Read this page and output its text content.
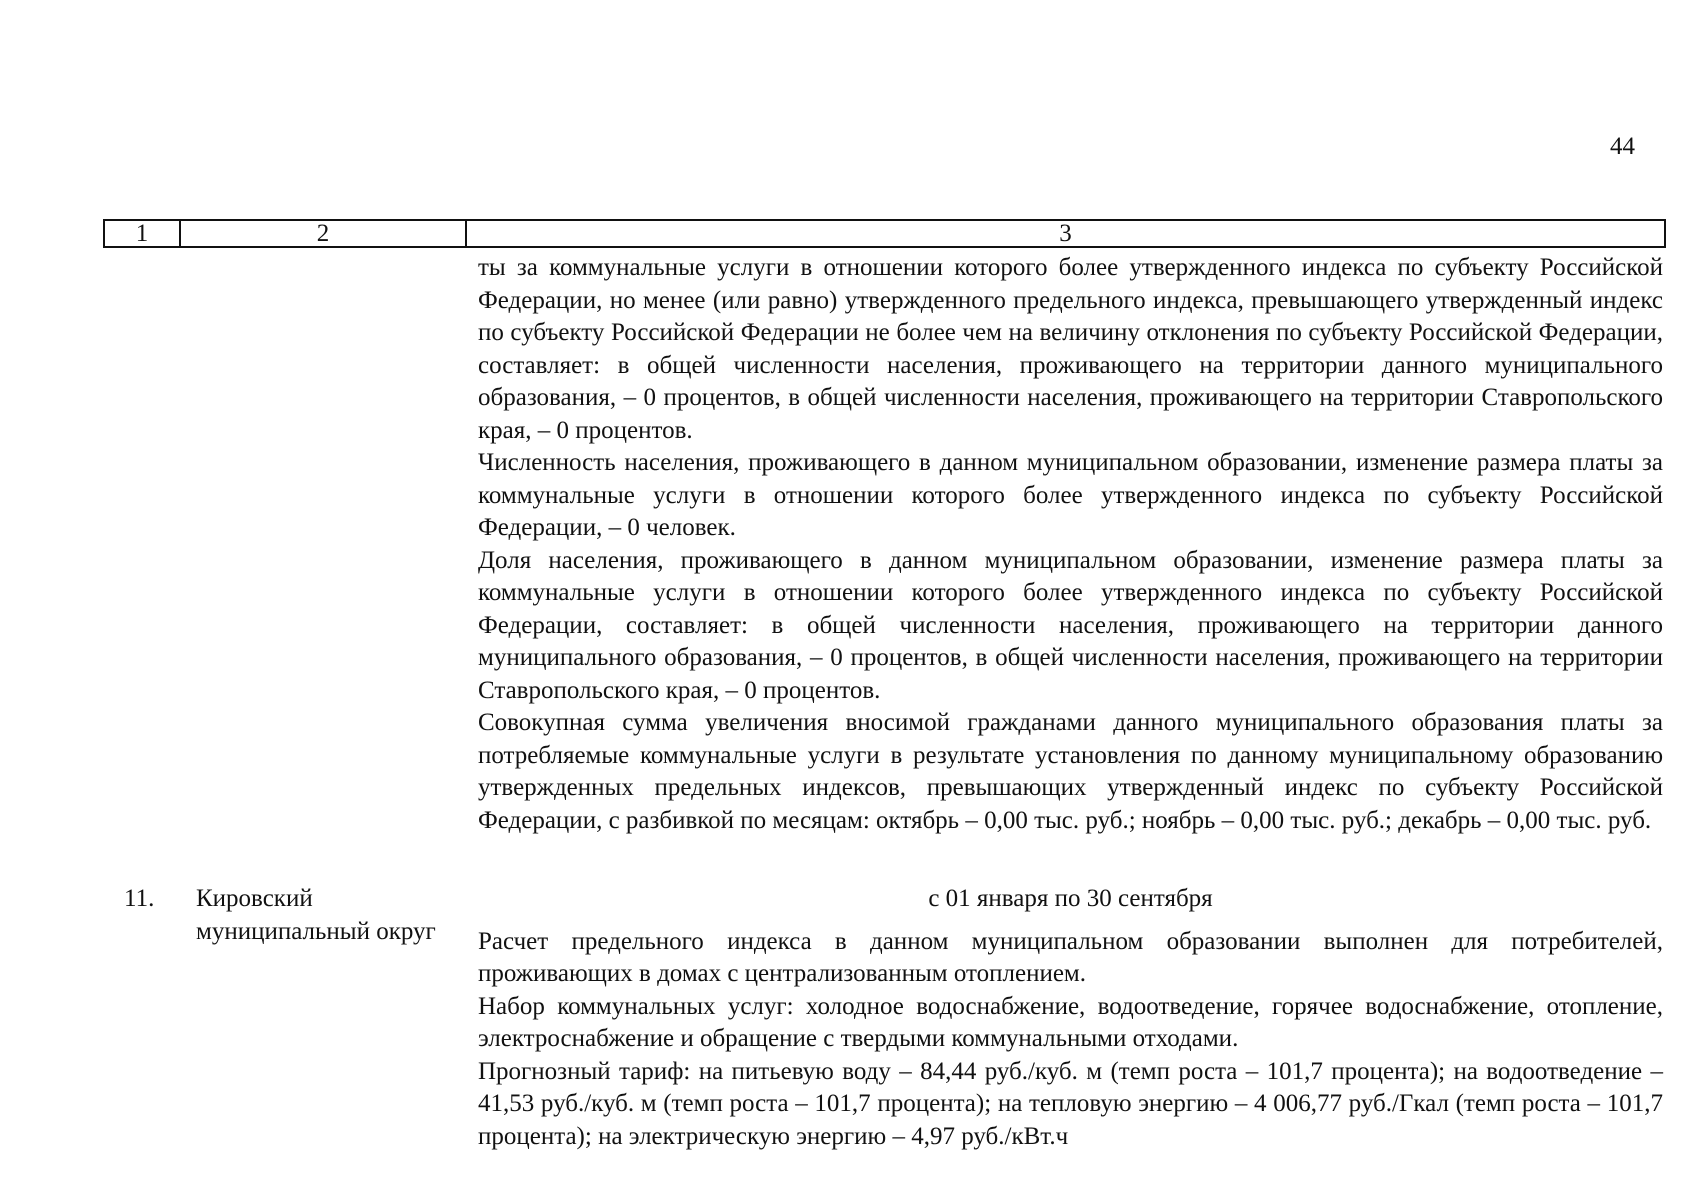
44
1	2	3

ты за коммунальные услуги в отношении которого более утвержденного индекса по субъекту Российской Федерации, но менее (или равно) утвержденного предельного индекса, превышающего утвержденный индекс по субъекту Российской Федерации не более чем на величину отклонения по субъекту Российской Федерации, составляет: в общей численности населения, проживающего на территории данного муниципального образования, – 0 процентов, в общей численности населения, проживающего на территории Ставропольского края, – 0 процентов.

Численность населения, проживающего в данном муниципальном образовании, изменение размера платы за коммунальные услуги в отношении которого более утвержденного индекса по субъекту Российской Федерации, – 0 человек.

Доля населения, проживающего в данном муниципальном образовании, изменение размера платы за коммунальные услуги в отношении которого более утвержденного индекса по субъекту Российской Федерации, составляет: в общей численности населения, проживающего на территории данного муниципального образования, – 0 процентов, в общей численности населения, проживающего на территории Ставропольского края, – 0 процентов.

Совокупная сумма увеличения вносимой гражданами данного муниципального образования платы за потребляемые коммунальные услуги в результате установления по данному муниципальному образованию утвержденных предельных индексов, превышающих утвержденный индекс по субъекту Российской Федерации, с разбивкой по месяцам: октябрь – 0,00 тыс. руб.; ноябрь – 0,00 тыс. руб.; декабрь – 0,00 тыс. руб.

11. Кировский муниципальный округ

с 01 января по 30 сентября

Расчет предельного индекса в данном муниципальном образовании выполнен для потребителей, проживающих в домах с централизованным отоплением.

Набор коммунальных услуг: холодное водоснабжение, водоотведение, горячее водоснабжение, отопление, электроснабжение и обращение с твердыми коммунальными отходами.

Прогнозный тариф: на питьевую воду – 84,44 руб./куб. м (темп роста – 101,7 процента); на водоотведение – 41,53 руб./куб. м (темп роста – 101,7 процента); на тепловую энергию – 4 006,77 руб./Гкал (темп роста – 101,7 процента); на электрическую энергию – 4,97 руб./кВт.ч
